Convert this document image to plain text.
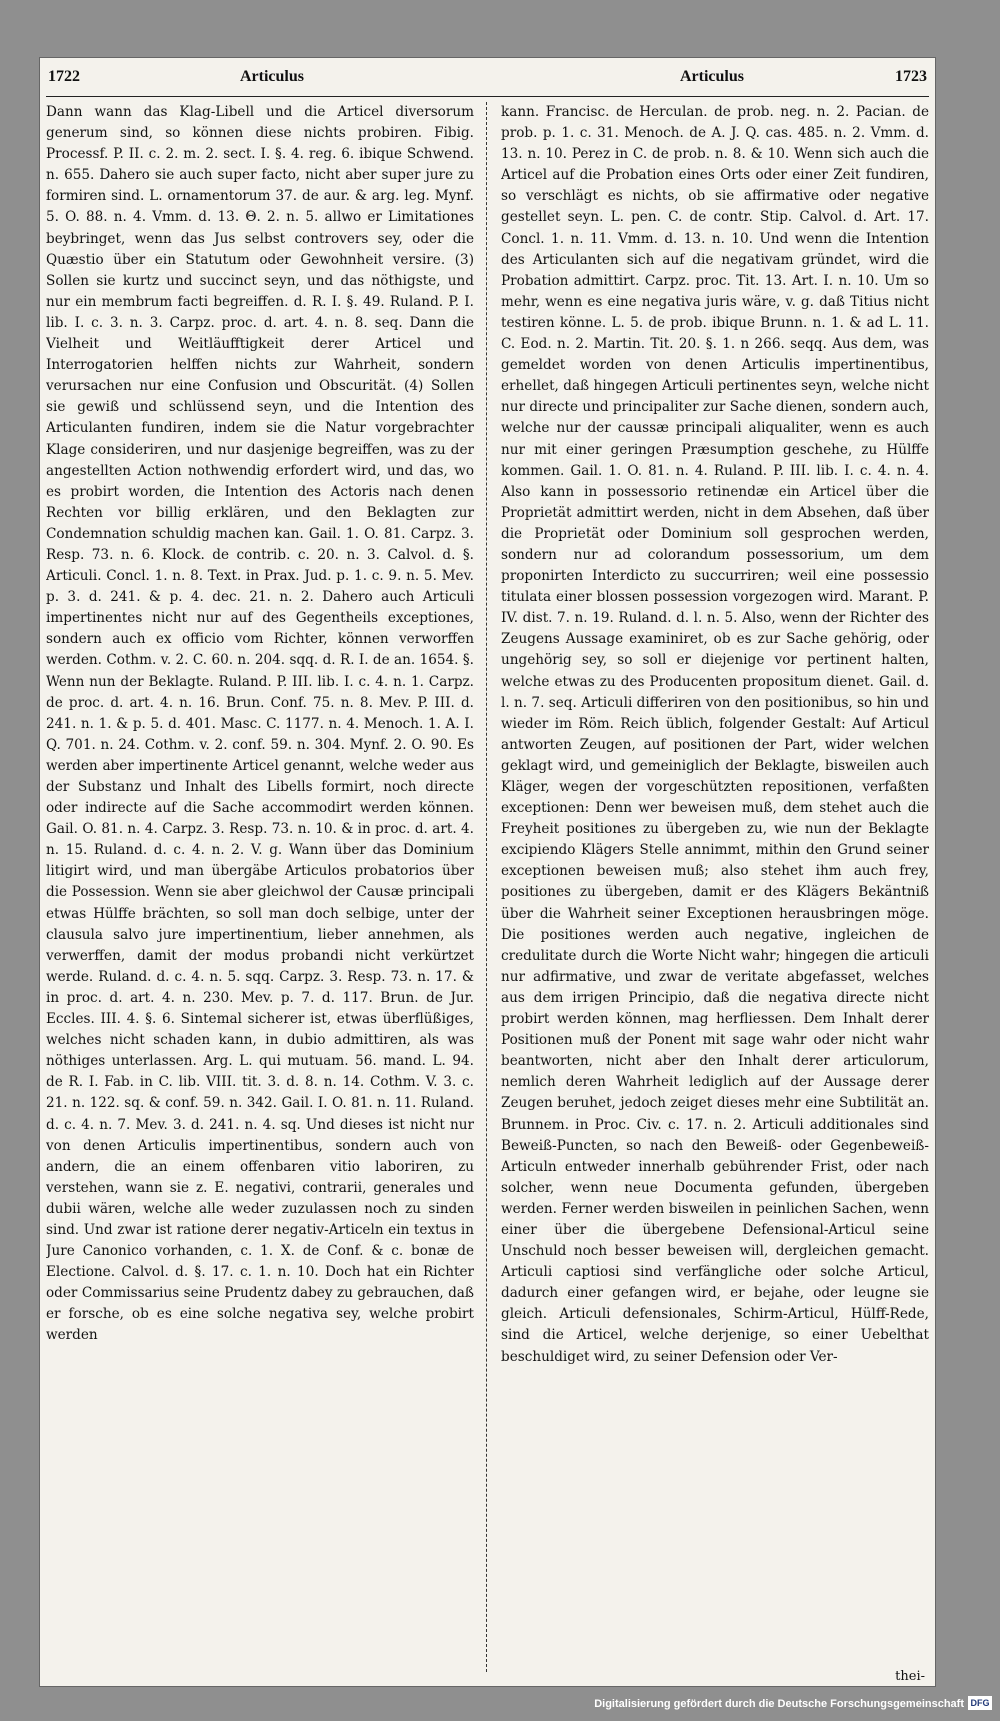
1722	Articulus	Articulus	1723

Dann wann das Klag-Libell und die Articel diversorum generum sind, so können diese nichts probiren. Fibig. Processf. P. II. c. 2. m. 2. sect. I. §. 4. reg. 6. ibique Schwend. n. 655. Dahero sie auch super facto, nicht aber super jure zu formiren sind. L. ornamentorum 37. de aur. & arg. leg. Mynf. 5. O. 88. n. 4. Vmm. d. 13. Θ. 2. n. 5. allwo er Limitationes beybringet, wenn das Jus selbst controvers sey, oder die Quæstio über ein Statutum oder Gewohnheit versire. (3) Sollen sie kurtz und succinct seyn, und das nöthigste, und nur ein membrum facti begreiffen. d. R. I. §. 49. Ruland. P. I. lib. I. c. 3. n. 3. Carpz. proc. d. art. 4. n. 8. seq. Dann die Vielheit und Weitläufftigkeit derer Articel und Interrogatorien helffen nichts zur Wahrheit, sondern verursachen nur eine Confusion und Obscurität. (4) Sollen sie gewiß und schlüssend seyn, und die Intention des Articulanten fundiren, indem sie die Natur vorgebrachter Klage consideriren, und nur dasjenige begreiffen, was zu der angestellten Action nothwendig erfordert wird, und das, wo es probirt worden, die Intention des Actoris nach denen Rechten vor billig erklären, und den Beklagten zur Condemnation schuldig machen kan. Gail. 1. O. 81. Carpz. 3. Resp. 73. n. 6. Klock. de contrib. c. 20. n. 3. Calvol. d. §. Articuli. Concl. 1. n. 8. Text. in Prax. Jud. p. 1. c. 9. n. 5. Mev. p. 3. d. 241. & p. 4. dec. 21. n. 2. Dahero auch Articuli impertinentes nicht nur auf des Gegentheils exceptiones, sondern auch ex officio vom Richter, können verworffen werden. Cothm. v. 2. C. 60. n. 204. sqq. d. R. I. de an. 1654. §. Wenn nun der Beklagte. Ruland. P. III. lib. I. c. 4. n. 1. Carpz. de proc. d. art. 4. n. 16. Brun. Conf. 75. n. 8. Mev. P. III. d. 241. n. 1. & p. 5. d. 401. Masc. C. 1177. n. 4. Menoch. 1. A. I. Q. 701. n. 24. Cothm. v. 2. conf. 59. n. 304. Mynf. 2. O. 90. Es werden aber impertinente Articel genannt, welche weder aus der Substanz und Inhalt des Libells formirt, noch directe oder indirecte auf die Sache accommodirt werden können. Gail. O. 81. n. 4. Carpz. 3. Resp. 73. n. 10. & in proc. d. art. 4. n. 15. Ruland. d. c. 4. n. 2. V. g. Wann über das Dominium litigirt wird, und man übergäbe Articulos probatorios über die Possession. Wenn sie aber gleichwol der Causæ principali etwas Hülffe brächten, so soll man doch selbige, unter der clausula salvo jure impertinentium, lieber annehmen, als verwerffen, damit der modus probandi nicht verkürtzet werde. Ruland. d. c. 4. n. 5. sqq. Carpz. 3. Resp. 73. n. 17. & in proc. d. art. 4. n. 230. Mev. p. 7. d. 117. Brun. de Jur. Eccles. III. 4. §. 6. Sintemal sicherer ist, etwas überflüßiges, welches nicht schaden kann, in dubio admittiren, als was nöthiges unterlassen. Arg. L. qui mutuam. 56. mand. L. 94. de R. I. Fab. in C. lib. VIII. tit. 3. d. 8. n. 14. Cothm. V. 3. c. 21. n. 122. sq. & conf. 59. n. 342. Gail. I. O. 81. n. 11. Ruland. d. c. 4. n. 7. Mev. 3. d. 241. n. 4. sq. Und dieses ist nicht nur von denen Articulis impertinentibus, sondern auch von andern, die an einem offenbaren vitio laboriren, zu verstehen, wann sie z. E. negativi, contrarii, generales und dubii wären, welche alle weder zuzulassen noch zu sinden sind. Und zwar ist ratione derer negativ-Articeln ein textus in Jure Canonico vorhanden, c. 1. X. de Conf. & c. bonæ de Electione. Calvol. d. §. 17. c. 1. n. 10. Doch hat ein Richter oder Commissarius seine Prudentz dabey zu gebrauchen, daß er forsche, ob es eine solche negativa sey, welche probirt werden

kann. Francisc. de Herculan. de prob. neg. n. 2. Pacian. de prob. p. 1. c. 31. Menoch. de A. J. Q. cas. 485. n. 2. Vmm. d. 13. n. 10. Perez in C. de prob. n. 8. & 10. Wenn sich auch die Articel auf die Probation eines Orts oder einer Zeit fundiren, so verschlägt es nichts, ob sie affirmative oder negative gestellet seyn. L. pen. C. de contr. Stip. Calvol. d. Art. 17. Concl. 1. n. 11. Vmm. d. 13. n. 10. Und wenn die Intention des Articulanten sich auf die negativam gründet, wird die Probation admittirt. Carpz. proc. Tit. 13. Art. I. n. 10. Um so mehr, wenn es eine negativa juris wäre, v. g. daß Titius nicht testiren könne. L. 5. de prob. ibique Brunn. n. 1. & ad L. 11. C. Eod. n. 2. Martin. Tit. 20. §. 1. n 266. seqq. Aus dem, was gemeldet worden von denen Articulis impertinentibus, erhellet, daß hingegen Articuli pertinentes seyn, welche nicht nur directe und principaliter zur Sache dienen, sondern auch, welche nur der caussæ principali aliqualiter, wenn es auch nur mit einer geringen Præsumption geschehe, zu Hülffe kommen. Gail. 1. O. 81. n. 4. Ruland. P. III. lib. I. c. 4. n. 4. Also kann in possessorio retinendæ ein Articel über die Proprietät admittirt werden, nicht in dem Absehen, daß über die Proprietät oder Dominium soll gesprochen werden, sondern nur ad colorandum possessorium, um dem proponirten Interdicto zu succurriren; weil eine possessio titulata einer blossen possession vorgezogen wird. Marant. P. IV. dist. 7. n. 19. Ruland. d. l. n. 5. Also, wenn der Richter des Zeugens Aussage examiniret, ob es zur Sache gehörig, oder ungehörig sey, so soll er diejenige vor pertinent halten, welche etwas zu des Producenten propositum dienet. Gail. d. l. n. 7. seq. Articuli differiren von den positionibus, so hin und wieder im Röm. Reich üblich, folgender Gestalt: Auf Articul antworten Zeugen, auf positionen der Part, wider welchen geklagt wird, und gemeiniglich der Beklagte, bisweilen auch Kläger, wegen der vorgeschützten repositionen, verfaßten exceptionen: Denn wer beweisen muß, dem stehet auch die Freyheit positiones zu übergeben zu, wie nun der Beklagte excipiendo Klägers Stelle annimmt, mithin den Grund seiner exceptionen beweisen muß; also stehet ihm auch frey, positiones zu übergeben, damit er des Klägers Bekäntniß über die Wahrheit seiner Exceptionen herausbringen möge. Die positiones werden auch negative, ingleichen de credulitate durch die Worte Nicht wahr; hingegen die articuli nur adfirmative, und zwar de veritate abgefasset, welches aus dem irrigen Principio, daß die negativa directe nicht probirt werden können, mag herfliessen. Dem Inhalt derer Positionen muß der Ponent mit sage wahr oder nicht wahr beantworten, nicht aber den Inhalt derer articulorum, nemlich deren Wahrheit lediglich auf der Aussage derer Zeugen beruhet, jedoch zeiget dieses mehr eine Subtilität an. Brunnem. in Proc. Civ. c. 17. n. 2. Articuli additionales sind Beweiß-Puncten, so nach den Beweiß- oder Gegenbeweiß-Articuln entweder innerhalb gebührender Frist, oder nach solcher, wenn neue Documenta gefunden, übergeben werden. Ferner werden bisweilen in peinlichen Sachen, wenn einer über die übergebene Defensional-Articul seine Unschuld noch besser beweisen will, dergleichen gemacht. Articuli captiosi sind verfängliche oder solche Articul, dadurch einer gefangen wird, er bejahe, oder leugne sie gleich. Articuli defensionales, Schirm-Articul, Hülff-Rede, sind die Articel, welche derjenige, so einer Uebelthat beschuldiget wird, zu seiner Defension oder Ver-

thei-
Digitalisierung gefördert durch die Deutsche Forschungsgemeinschaft DFG
